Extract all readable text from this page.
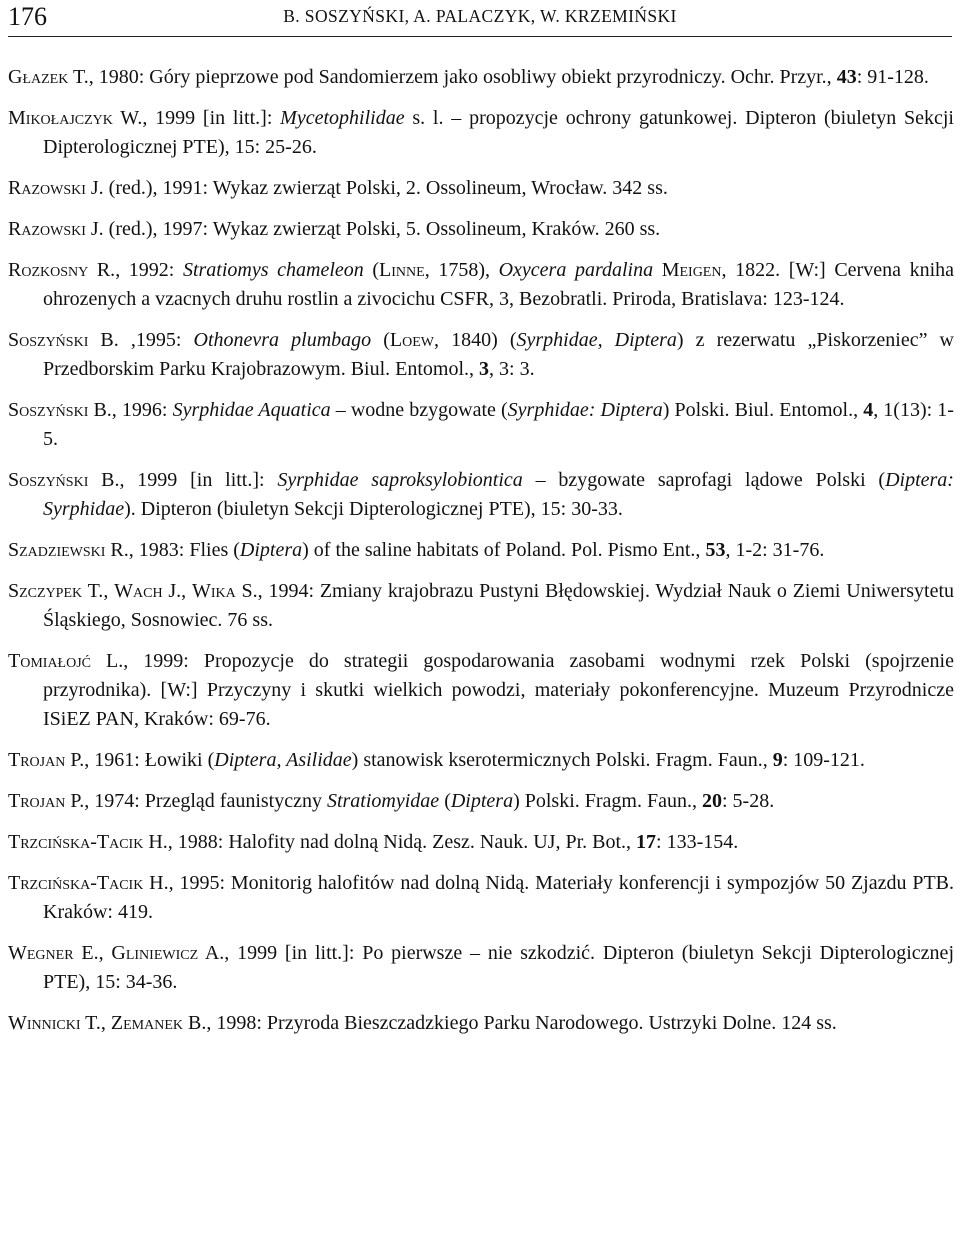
176	B. SOSZYŃSKI, A. PALACZYK, W. KRZEMIŃSKI

Głazek T., 1980: Góry pieprzowe pod Sandomierzem jako osobliwy obiekt przyrodniczy. Ochr. Przyr., 43: 91-128.

Mikołajczyk W., 1999 [in litt.]: Mycetophilidae s. l. – propozycje ochrony gatunkowej. Dipteron (biuletyn Sekcji Dipterologicznej PTE), 15: 25-26.

Razowski J. (red.), 1991: Wykaz zwierząt Polski, 2. Ossolineum, Wrocław. 342 ss.

Razowski J. (red.), 1997: Wykaz zwierząt Polski, 5. Ossolineum, Kraków. 260 ss.

Rozkosny R., 1992: Stratiomys chameleon (Linne, 1758), Oxycera pardalina Meigen, 1822. [W:] Cervena kniha ohrozenych a vzacnych druhu rostlin a zivocichu CSFR, 3, Bezobratli. Priroda, Bratislava: 123-124.

Soszyński B. ,1995: Othonevra plumbago (Loew, 1840) (Syrphidae, Diptera) z rezerwatu „Piskorzeniec” w Przedborskim Parku Krajobrazowym. Biul. Entomol., 3, 3: 3.

Soszyński B., 1996: Syrphidae Aquatica – wodne bzygowate (Syrphidae: Diptera) Polski. Biul. Entomol., 4, 1(13): 1-5.

Soszyński B., 1999 [in litt.]: Syrphidae saproksylobiontica – bzygowate saprofagi lądowe Polski (Diptera: Syrphidae). Dipteron (biuletyn Sekcji Dipterologicznej PTE), 15: 30-33.

Szadziewski R., 1983: Flies (Diptera) of the saline habitats of Poland. Pol. Pismo Ent., 53, 1-2: 31-76.

Szczypek T., Wach J., Wika S., 1994: Zmiany krajobrazu Pustyni Błędowskiej. Wydział Nauk o Ziemi Uniwersytetu Śląskiego, Sosnowiec. 76 ss.

Tomiałojć L., 1999: Propozycje do strategii gospodarowania zasobami wodnymi rzek Polski (spojrzenie przyrodnika). [W:] Przyczyny i skutki wielkich powodzi, materiały pokonferencyjne. Muzeum Przyrodnicze ISiEZ PAN, Kraków: 69-76.

Trojan P., 1961: Łowiki (Diptera, Asilidae) stanowisk kserotermicznych Polski. Fragm. Faun., 9: 109-121.

Trojan P., 1974: Przegląd faunistyczny Stratiomyidae (Diptera) Polski. Fragm. Faun., 20: 5-28.

Trzcińska-Tacik H., 1988: Halofity nad dolną Nidą. Zesz. Nauk. UJ, Pr. Bot., 17: 133-154.

Trzcińska-Tacik H., 1995: Monitorig halofitów nad dolną Nidą. Materiały konferencji i sympozjów 50 Zjazdu PTB. Kraków: 419.

Wegner E., Gliniewicz A., 1999 [in litt.]: Po pierwsze – nie szkodzić. Dipteron (biuletyn Sekcji Dipterologicznej PTE), 15: 34-36.

Winnicki T., Zemanek B., 1998: Przyroda Bieszczadzkiego Parku Narodowego. Ustrzyki Dolne. 124 ss.
